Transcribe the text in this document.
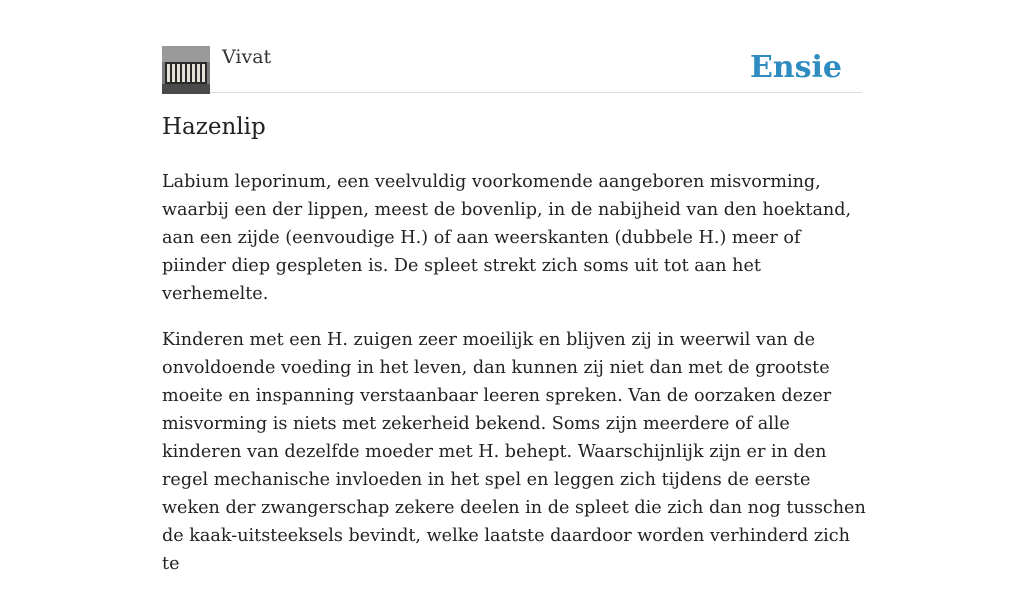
Vivat	Ensie
Hazenlip

Labium leporinum, een veelvuldig voorkomende aangeboren misvorming, waarbij een der lippen, meest de bovenlip, in de nabijheid van den hoektand, aan een zijde (eenvoudige H.) of aan weerskanten (dubbele H.) meer of piinder diep gespleten is. De spleet strekt zich soms uit tot aan het verhemelte.

Kinderen met een H. zuigen zeer moeilijk en blijven zij in weerwil van de onvoldoende voeding in het leven, dan kunnen zij niet dan met de grootste moeite en inspanning verstaanbaar leeren spreken. Van de oorzaken dezer misvorming is niets met zekerheid bekend. Soms zijn meerdere of alle kinderen van dezelfde moeder met H. behept. Waarschijnlijk zijn er in den regel mechanische invloeden in het spel en leggen zich tijdens de eerste weken der zwangerschap zekere deelen in de spleet die zich dan nog tusschen de kaak-uitsteeksels bevindt, welke laatste daardoor worden verhinderd zich te
